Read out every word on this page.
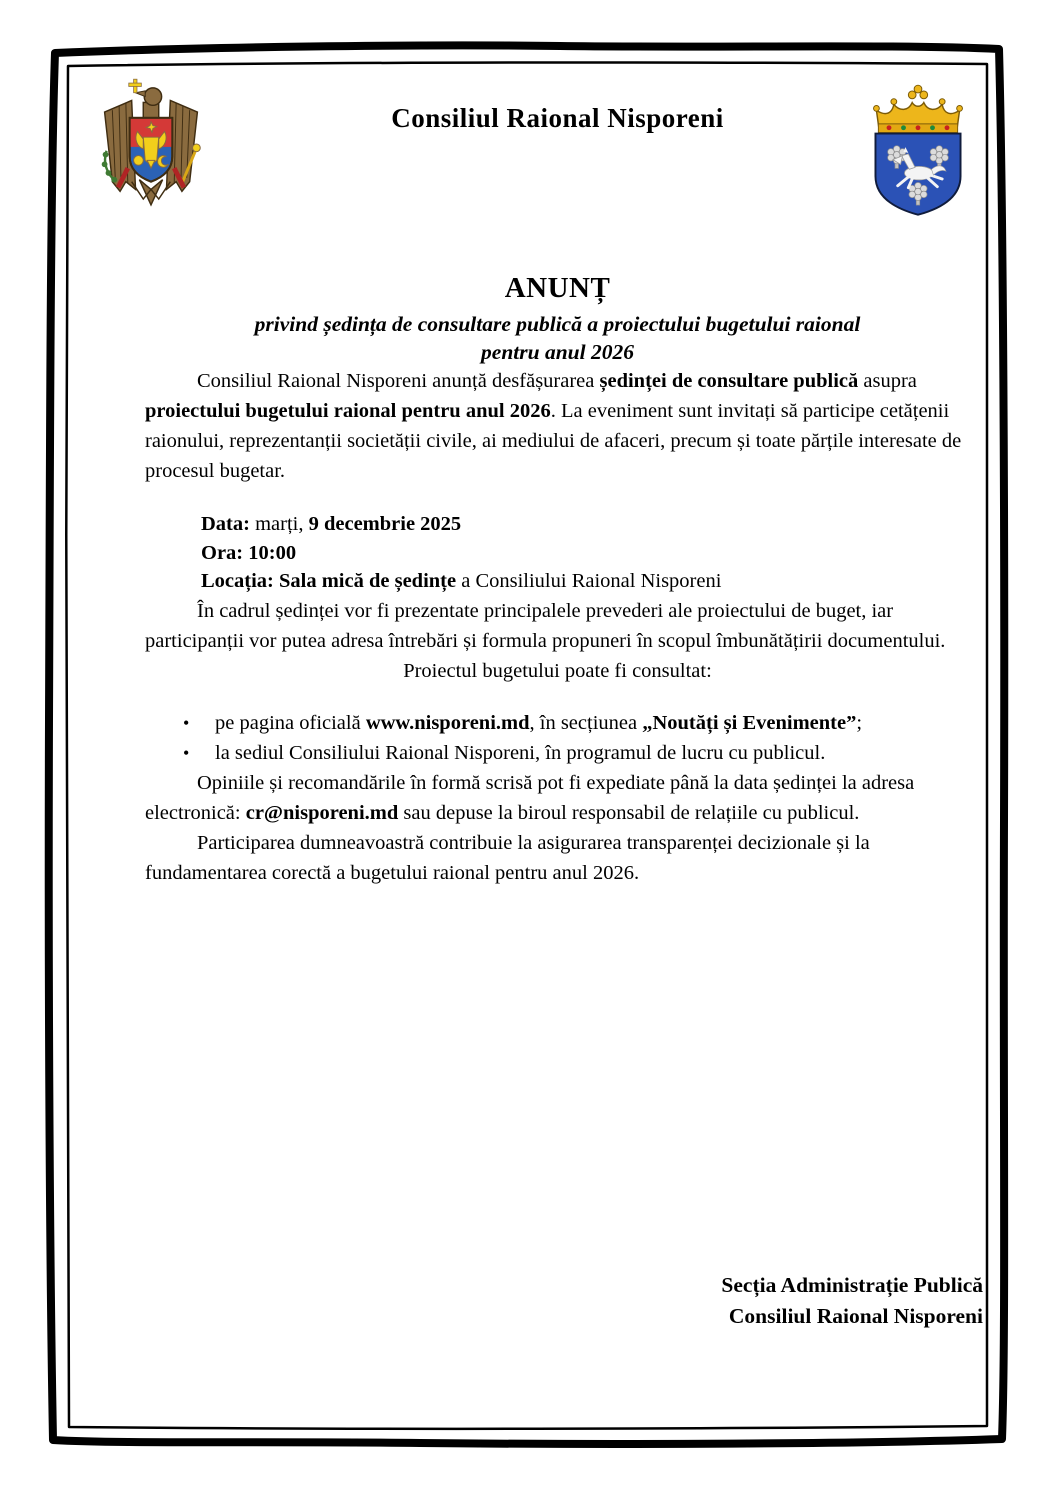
Consiliul Raional Nisporeni
ANUNȚ
privind ședința de consultare publică a proiectului bugetului raional
pentru anul 2026

Consiliul Raional Nisporeni anunță desfășurarea ședinței de consultare publică asupra proiectului bugetului raional pentru anul 2026. La eveniment sunt invitați să participe cetățenii raionului, reprezentanții societății civile, ai mediului de afaceri, precum și toate părțile interesate de procesul bugetar.

Data: marți, 9 decembrie 2025

Ora: 10:00

Locația: Sala mică de ședințe a Consiliului Raional Nisporeni

În cadrul ședinței vor fi prezentate principalele prevederi ale proiectului de buget, iar participanții vor putea adresa întrebări și formula propuneri în scopul îmbunătățirii documentului.

Proiectul bugetului poate fi consultat:

• pe pagina oficială www.nisporeni.md, în secțiunea „Noutăți și Evenimente”;
• la sediul Consiliului Raional Nisporeni, în programul de lucru cu publicul.

Opiniile și recomandările în formă scrisă pot fi expediate până la data ședinței la adresa electronică: cr@nisporeni.md sau depuse la biroul responsabil de relațiile cu publicul.

Participarea dumneavoastră contribuie la asigurarea transparenței decizionale și la fundamentarea corectă a bugetului raional pentru anul 2026.

Secția Administrație Publică
Consiliul Raional Nisporeni
